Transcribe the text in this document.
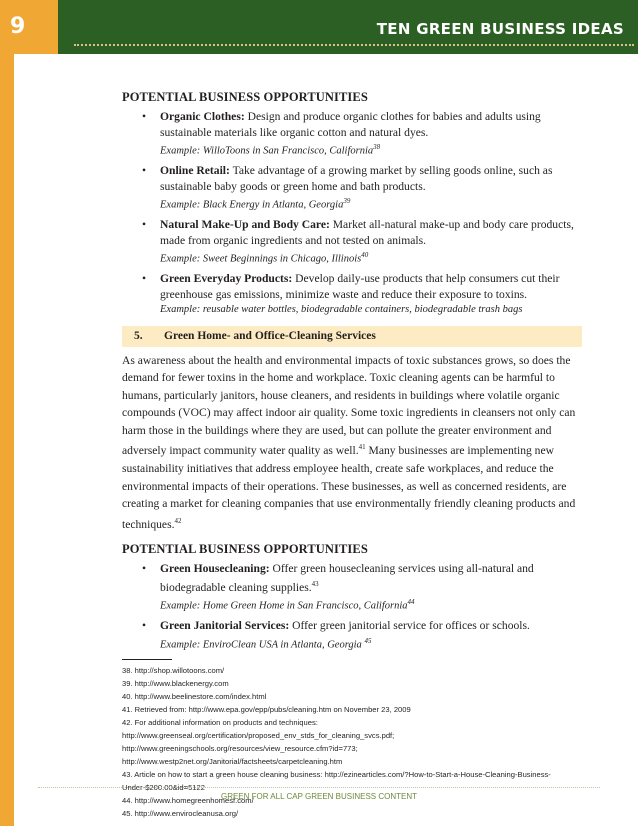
9	TEN GREEN BUSINESS IDEAS
POTENTIAL BUSINESS OPPORTUNITIES
• Organic Clothes: Design and produce organic clothes for babies and adults using sustainable materials like organic cotton and natural dyes.
Example: WilloToons in San Francisco, California$^{38}$
• Online Retail: Take advantage of a growing market by selling goods online, such as sustainable baby goods or green home and bath products.
Example: Black Energy in Atlanta, Georgia$^{39}$
• Natural Make-Up and Body Care: Market all-natural make-up and body care products, made from organic ingredients and not tested on animals.
Example: Sweet Beginnings in Chicago, Illinois$^{40}$
• Green Everyday Products: Develop daily-use products that help consumers cut their greenhouse gas emissions, minimize waste and reduce their exposure to toxins.
Example: reusable water bottles, biodegradable containers, biodegradable trash bags
5. Green Home- and Office-Cleaning Services
As awareness about the health and environmental impacts of toxic substances grows, so does the demand for fewer toxins in the home and workplace. Toxic cleaning agents can be harmful to humans, particularly janitors, house cleaners, and residents in buildings where volatile organic compounds (VOC) may affect indoor air quality. Some toxic ingredients in cleansers not only can harm those in the buildings where they are used, but can pollute the greater environment and adversely impact community water quality as well.$^{41}$ Many businesses are implementing new sustainability initiatives that address employee health, create safe workplaces, and reduce the environmental impacts of their operations. These businesses, as well as concerned residents, are creating a market for cleaning companies that use environmentally friendly cleaning products and techniques.$^{42}$
POTENTIAL BUSINESS OPPORTUNITIES
• Green Housecleaning: Offer green housecleaning services using all-natural and biodegradable cleaning supplies.$^{43}$
Example: Home Green Home in San Francisco, California$^{44}$
• Green Janitorial Services: Offer green janitorial service for offices or schools.
Example: EnviroClean USA in Atlanta, Georgia $^{45}$
38. http://shop.willotoons.com/
39. http://www.blackenergy.com
40. http://www.beelinestore.com/index.html
41. Retrieved from: http://www.epa.gov/epp/pubs/cleaning.htm on November 23, 2009
42. For additional information on products and techniques:
http://www.greenseal.org/certification/proposed_env_stds_for_cleaning_svcs.pdf;
http://www.greeningschools.org/resources/view_resource.cfm?id=773;
http://www.westp2net.org/Janitorial/factsheets/carpetcleaning.htm
43. Article on how to start a green house cleaning business: http://ezinearticles.com/?How-to-Start-a-House-Cleaning-Business-
Under-$200.00&id=5122
44. http://www.homegreenhomesf.com/
45. http://www.envirocleanusa.org/
GREEN FOR ALL CAP GREEN BUSINESS CONTENT
